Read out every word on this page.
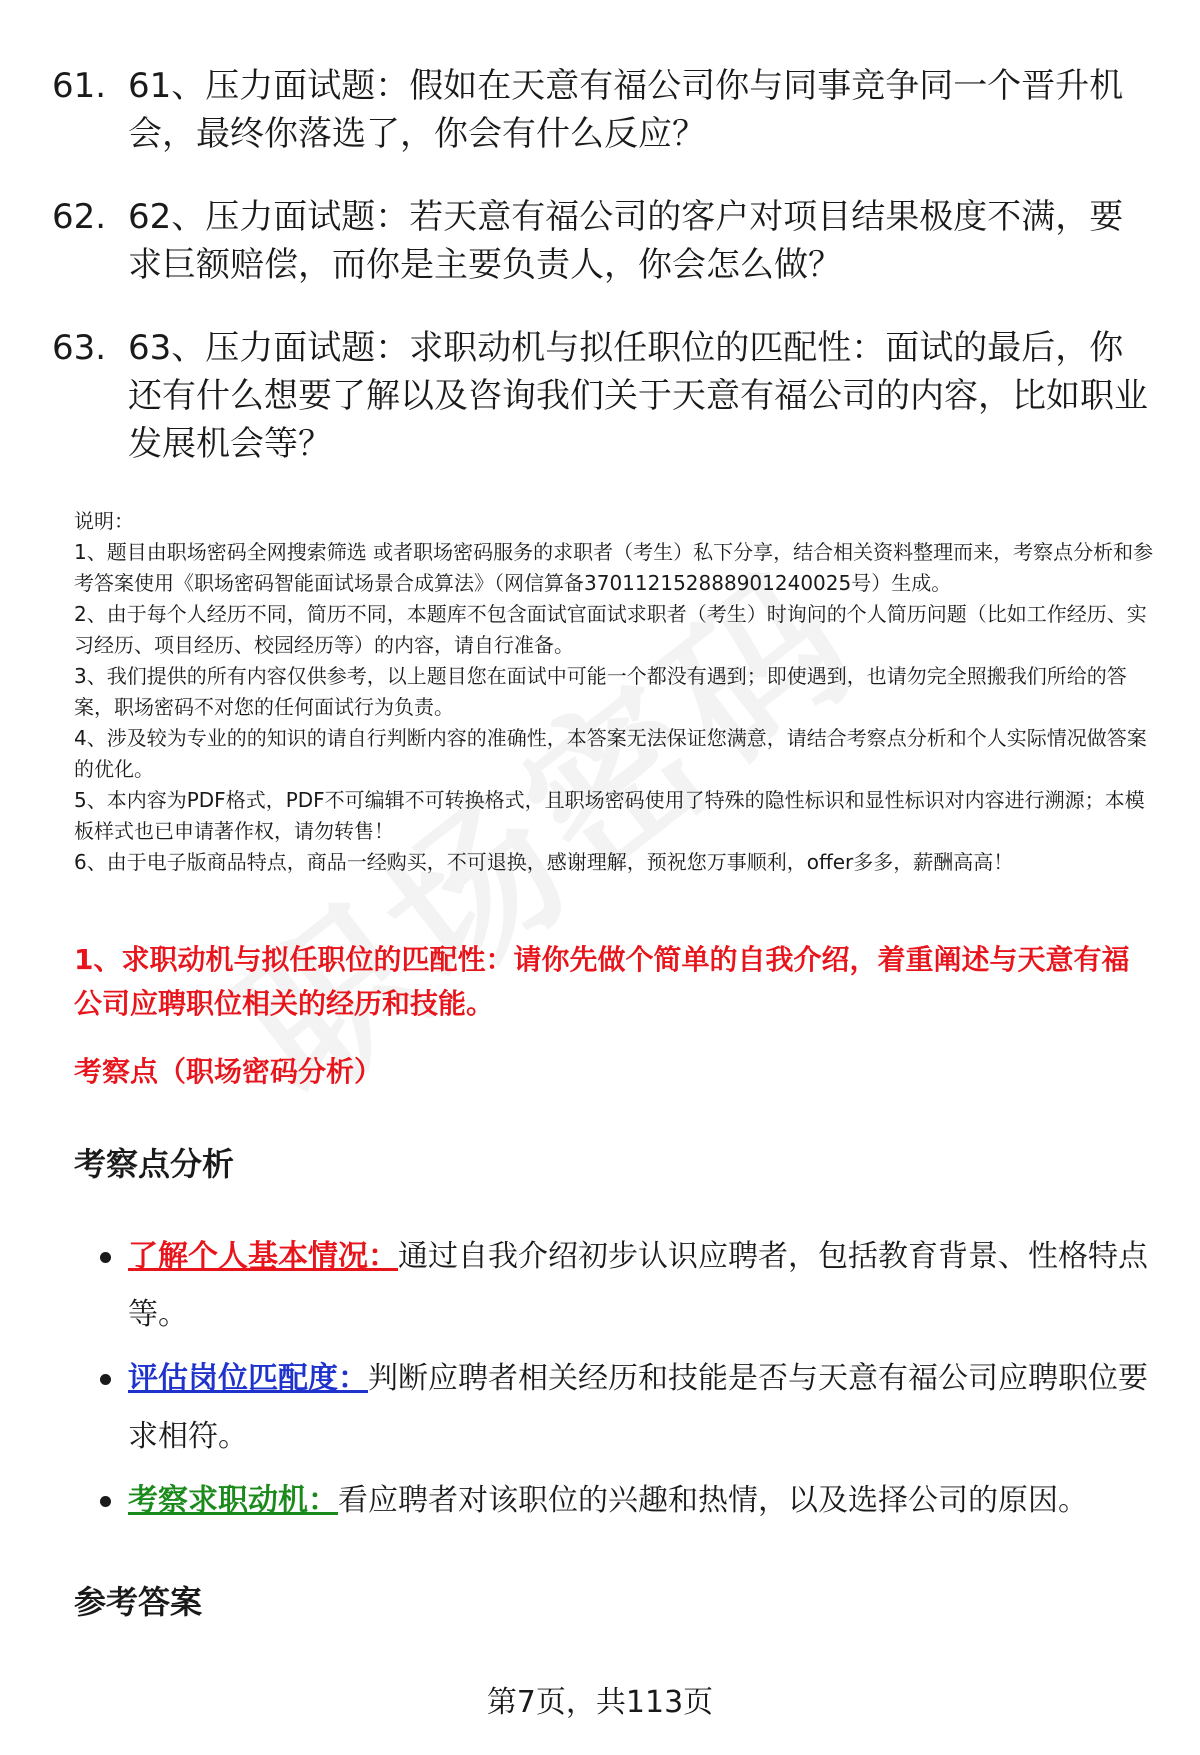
61. 61、压力面试题：假如在天意有福公司你与同事竞争同一个晋升机会，最终你落选了，你会有什么反应？
62. 62、压力面试题：若天意有福公司的客户对项目结果极度不满，要求巨额赔偿，而你是主要负责人，你会怎么做？
63. 63、压力面试题：求职动机与拟任职位的匹配性：面试的最后，你还有什么想要了解以及咨询我们关于天意有福公司的内容，比如职业发展机会等？

说明：

1、题目由职场密码全网搜索筛选 或者职场密码服务的求职者（考生）私下分享，结合相关资料整理而来，考察点分析和参考答案使用《职场密码智能面试场景合成算法》（网信算备370112152888901240025号）生成。

2、由于每个人经历不同，简历不同，本题库不包含面试官面试求职者（考生）时询问的个人简历问题（比如工作经历、实习经历、项目经历、校园经历等）的内容，请自行准备。

3、我们提供的所有内容仅供参考，以上题目您在面试中可能一个都没有遇到；即使遇到，也请勿完全照搬我们所给的答案，职场密码不对您的任何面试行为负责。

4、涉及较为专业的的知识的请自行判断内容的准确性，本答案无法保证您满意，请结合考察点分析和个人实际情况做答案的优化。

5、本内容为PDF格式，PDF不可编辑不可转换格式，且职场密码使用了特殊的隐性标识和显性标识对内容进行溯源；本模板样式也已申请著作权，请勿转售！

6、由于电子版商品特点，商品一经购买，不可退换，感谢理解，预祝您万事顺利，offer多多，薪酬高高！

1、求职动机与拟任职位的匹配性：请你先做个简单的自我介绍，着重阐述与天意有福公司应聘职位相关的经历和技能。
考察点（职场密码分析）
考察点分析
了解个人基本情况：通过自我介绍初步认识应聘者，包括教育背景、性格特点等。
评估岗位匹配度：判断应聘者相关经历和技能是否与天意有福公司应聘职位要求相符。
考察求职动机：看应聘者对该职位的兴趣和热情，以及选择公司的原因。
参考答案
第7页，共113页
